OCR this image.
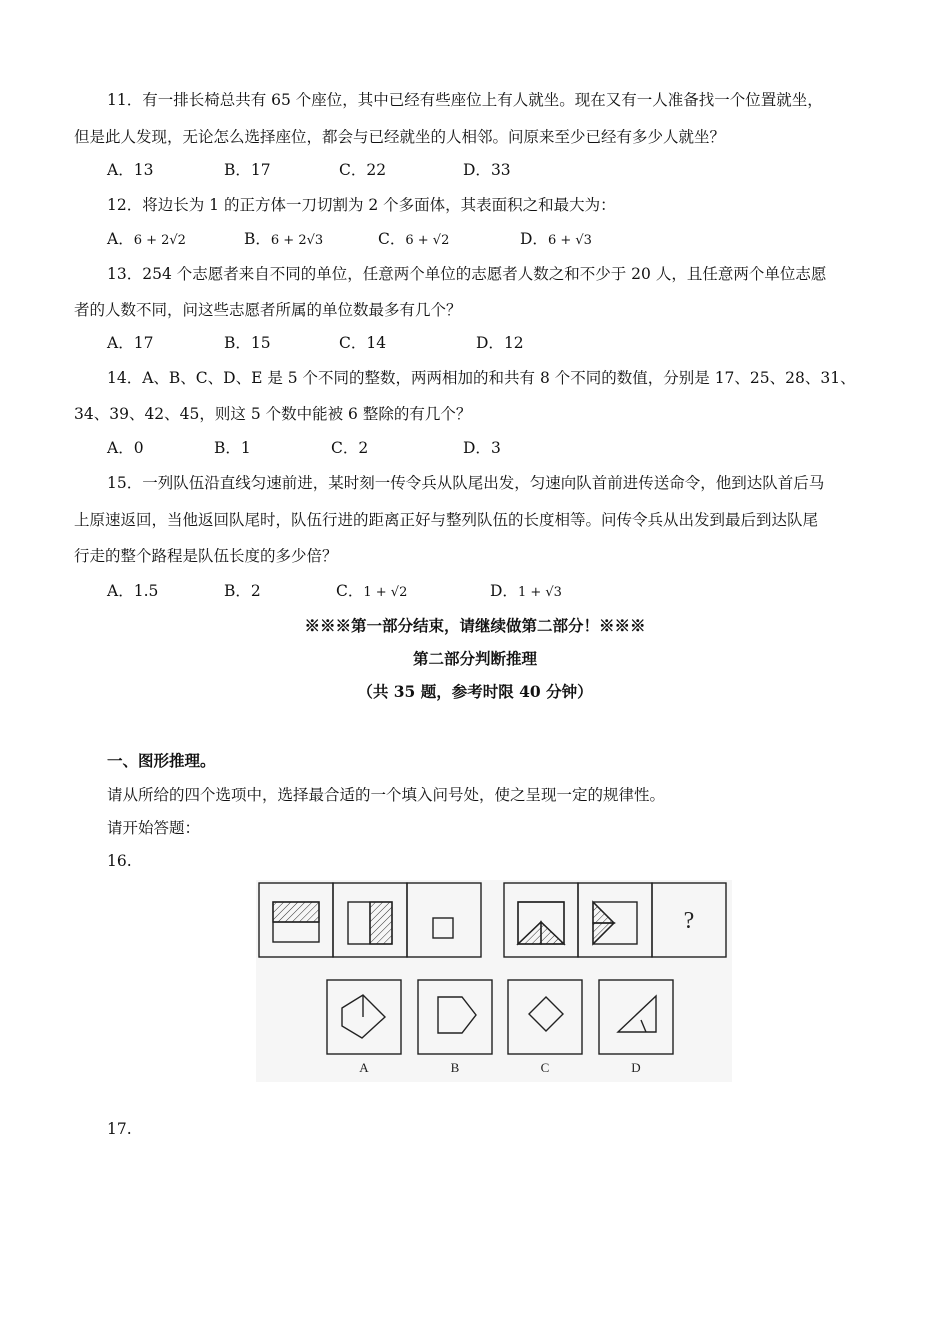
11．有一排长椅总共有 65 个座位，其中已经有些座位上有人就坐。现在又有一人准备找一个位置就坐，
但是此人发现，无论怎么选择座位，都会与已经就坐的人相邻。问原来至少已经有多少人就坐？
A．13	B．17	C．22	D．33
12．将边长为 1 的正方体一刀切割为 2 个多面体，其表面积之和最大为：
A．6 + 2√2	B．6 + 2√3	C．6 + √2	D．6 + √3
13．254 个志愿者来自不同的单位，任意两个单位的志愿者人数之和不少于 20 人，且任意两个单位志愿
者的人数不同，问这些志愿者所属的单位数最多有几个？
A．17	B．15	C．14	D．12
14．A、B、C、D、E 是 5 个不同的整数，两两相加的和共有 8 个不同的数值，分别是 17、25、28、31、
34、39、42、45，则这 5 个数中能被 6 整除的有几个？
A．0	B．1	C．2	D．3
15．一列队伍沿直线匀速前进，某时刻一传令兵从队尾出发，匀速向队首前进传送命令，他到达队首后马
上原速返回，当他返回队尾时，队伍行进的距离正好与整列队伍的长度相等。问传令兵从出发到最后到达队尾
行走的整个路程是队伍长度的多少倍？
A．1.5	B．2	C．1 + √2	D．1 + √3
※※※第一部分结束，请继续做第二部分！※※※
第二部分判断推理
（共 35 题，参考时限 40 分钟）
一、图形推理。
请从所给的四个选项中，选择最合适的一个填入问号处，使之呈现一定的规律性。
请开始答题：
16.
?
A	B	C	D
17.
